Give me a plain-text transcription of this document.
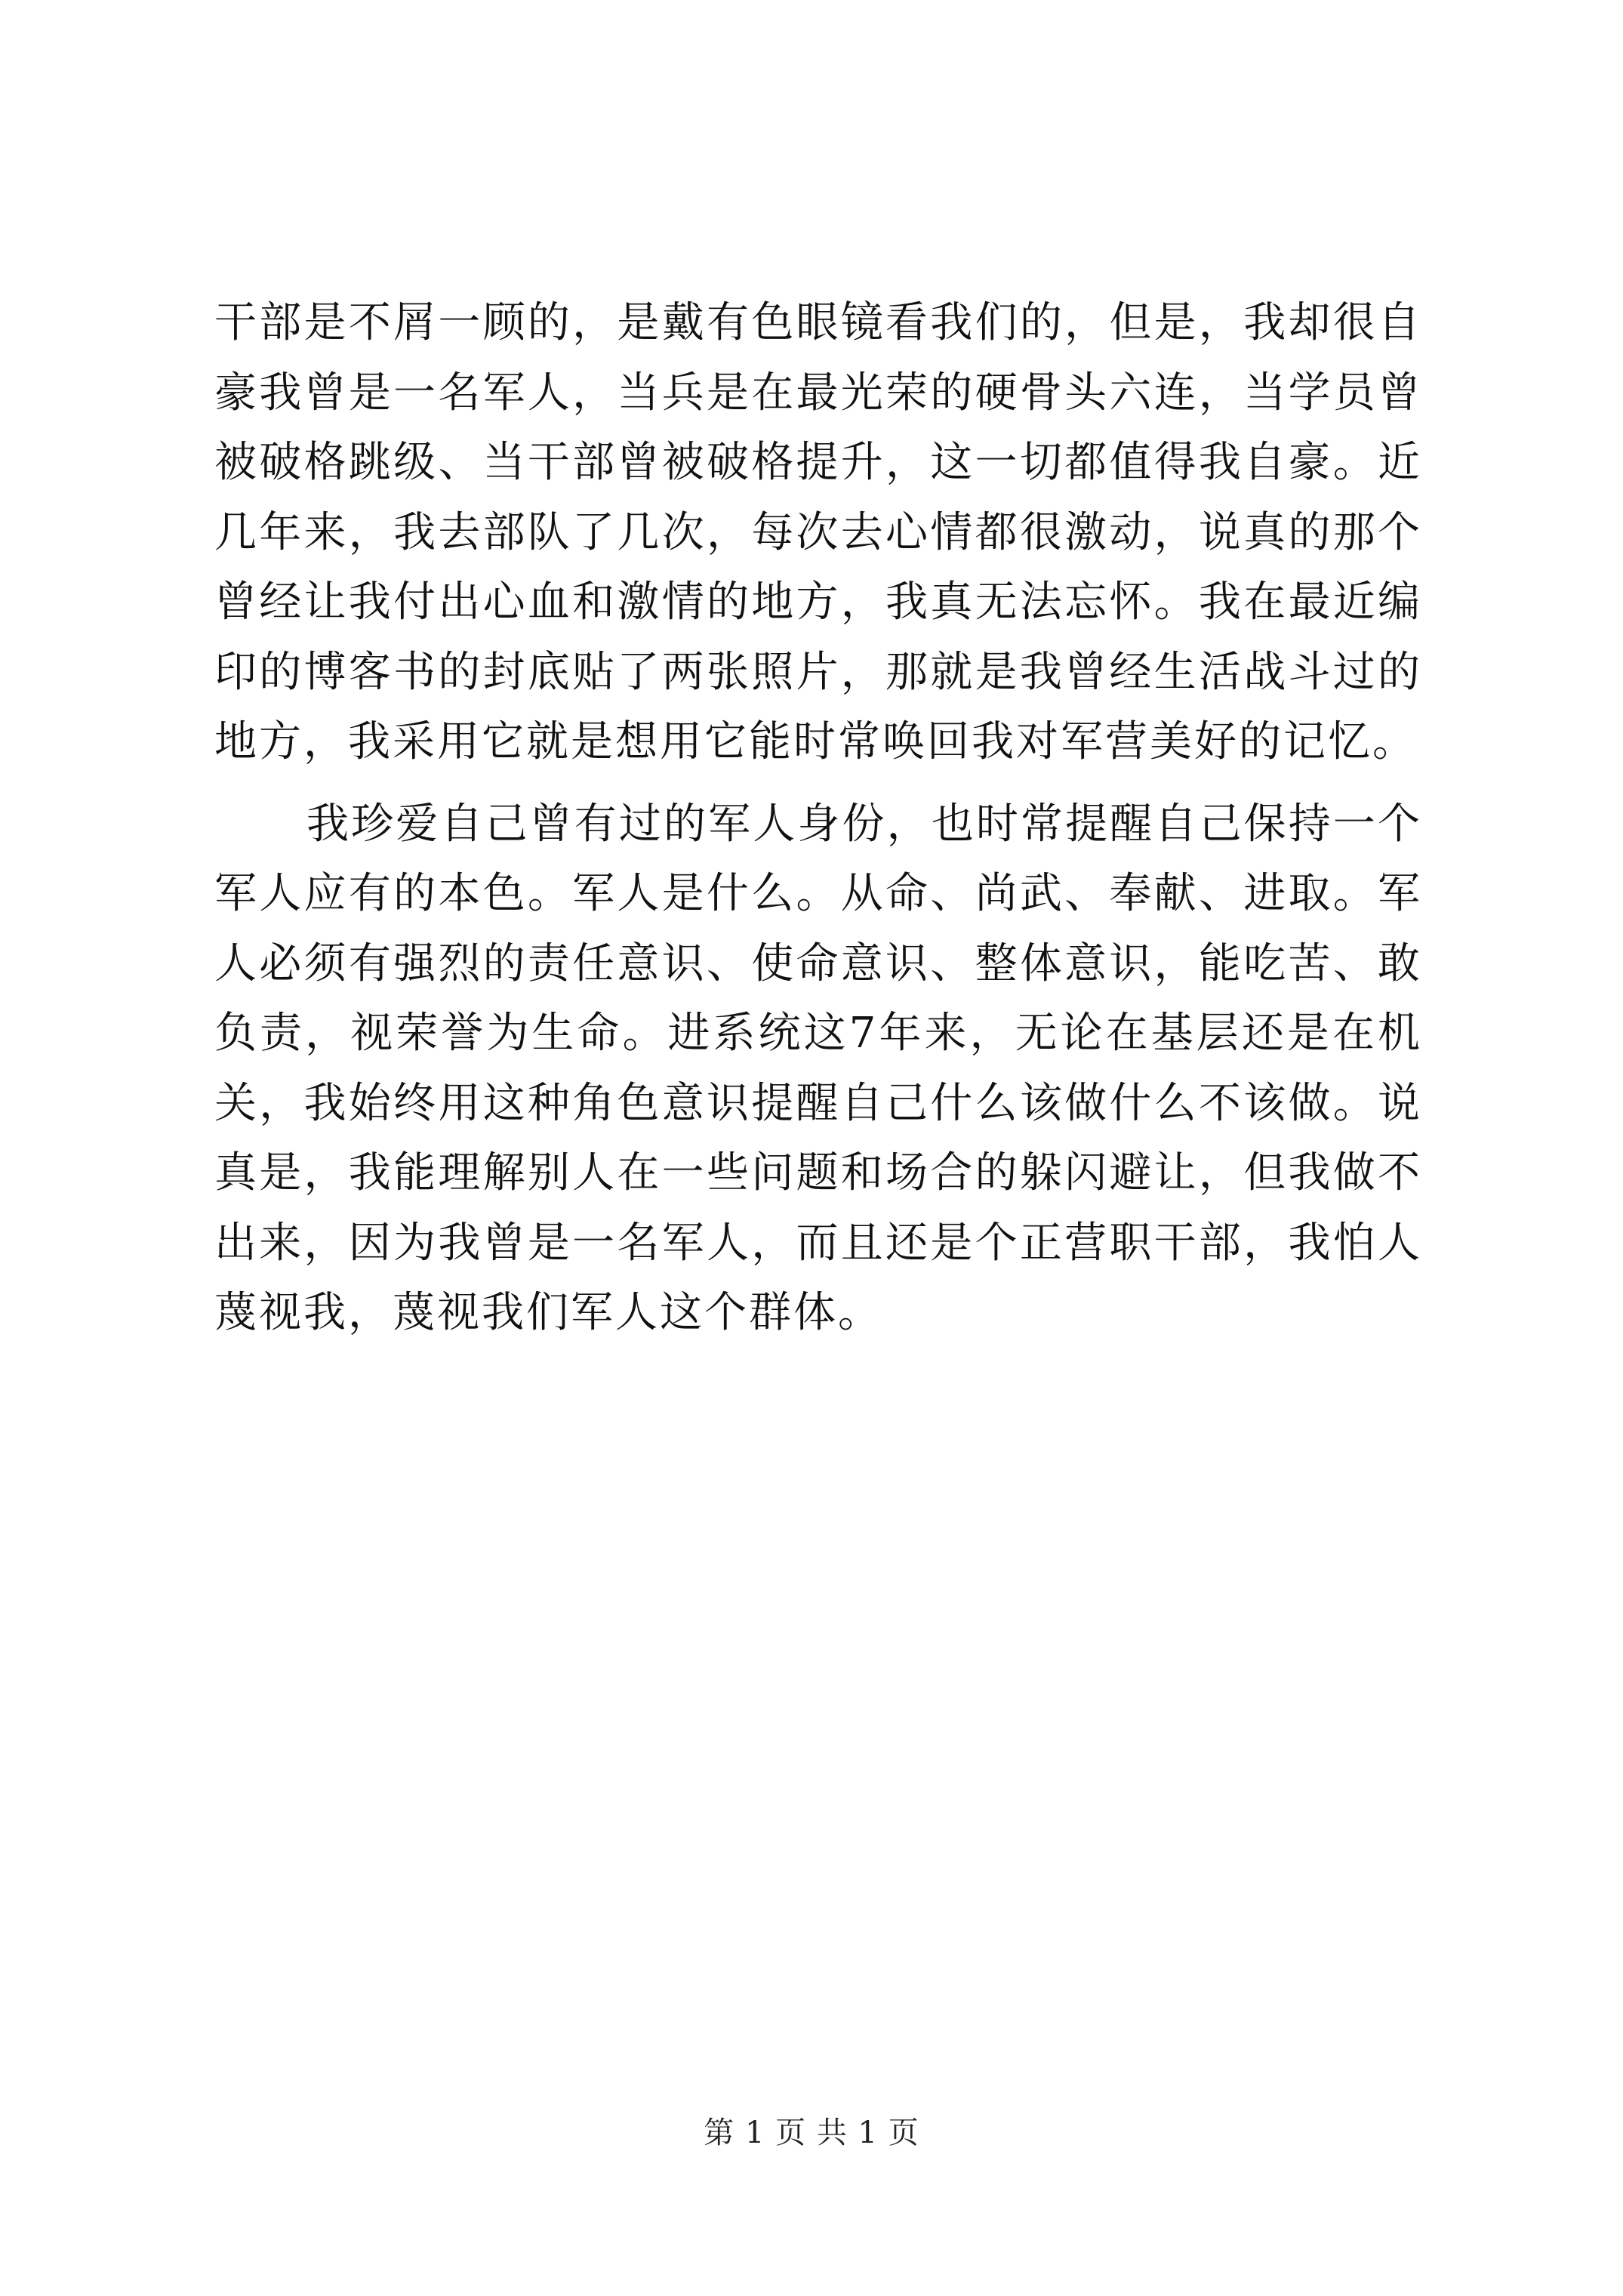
干部是不屑一顾的，是戴有色眼镜看我们的，但是，我却很自豪我曾是一名军人，当兵是在最光荣的硬骨头六连，当学员曾被破格跳级、当干部曾被破格提升，这一切都值得我自豪。近几年来，我去部队了几次，每次去心情都很激动，说真的那个曾经让我付出心血和激情的地方，我真无法忘怀。我在最近编印的博客书的封底贴了两张照片，那就是我曾经生活战斗过的地方，我采用它就是想用它能时常唤回我对军营美好的记忆。

我珍爱自己曾有过的军人身份，也时常提醒自己保持一个军人应有的本色。军人是什么。从命、尚武、奉献、进取。军人必须有强烈的责任意识、使命意识、整体意识，能吃苦、敢负责，视荣誉为生命。进系统这7年来，无论在基层还是在机关，我始终用这种角色意识提醒自己什么该做什么不该做。说真是，我能理解别人在一些问题和场合的躲闪避让，但我做不出来，因为我曾是一名军人，而且还是个正营职干部，我怕人蔑视我，蔑视我们军人这个群体。

第 1 页 共 1 页
